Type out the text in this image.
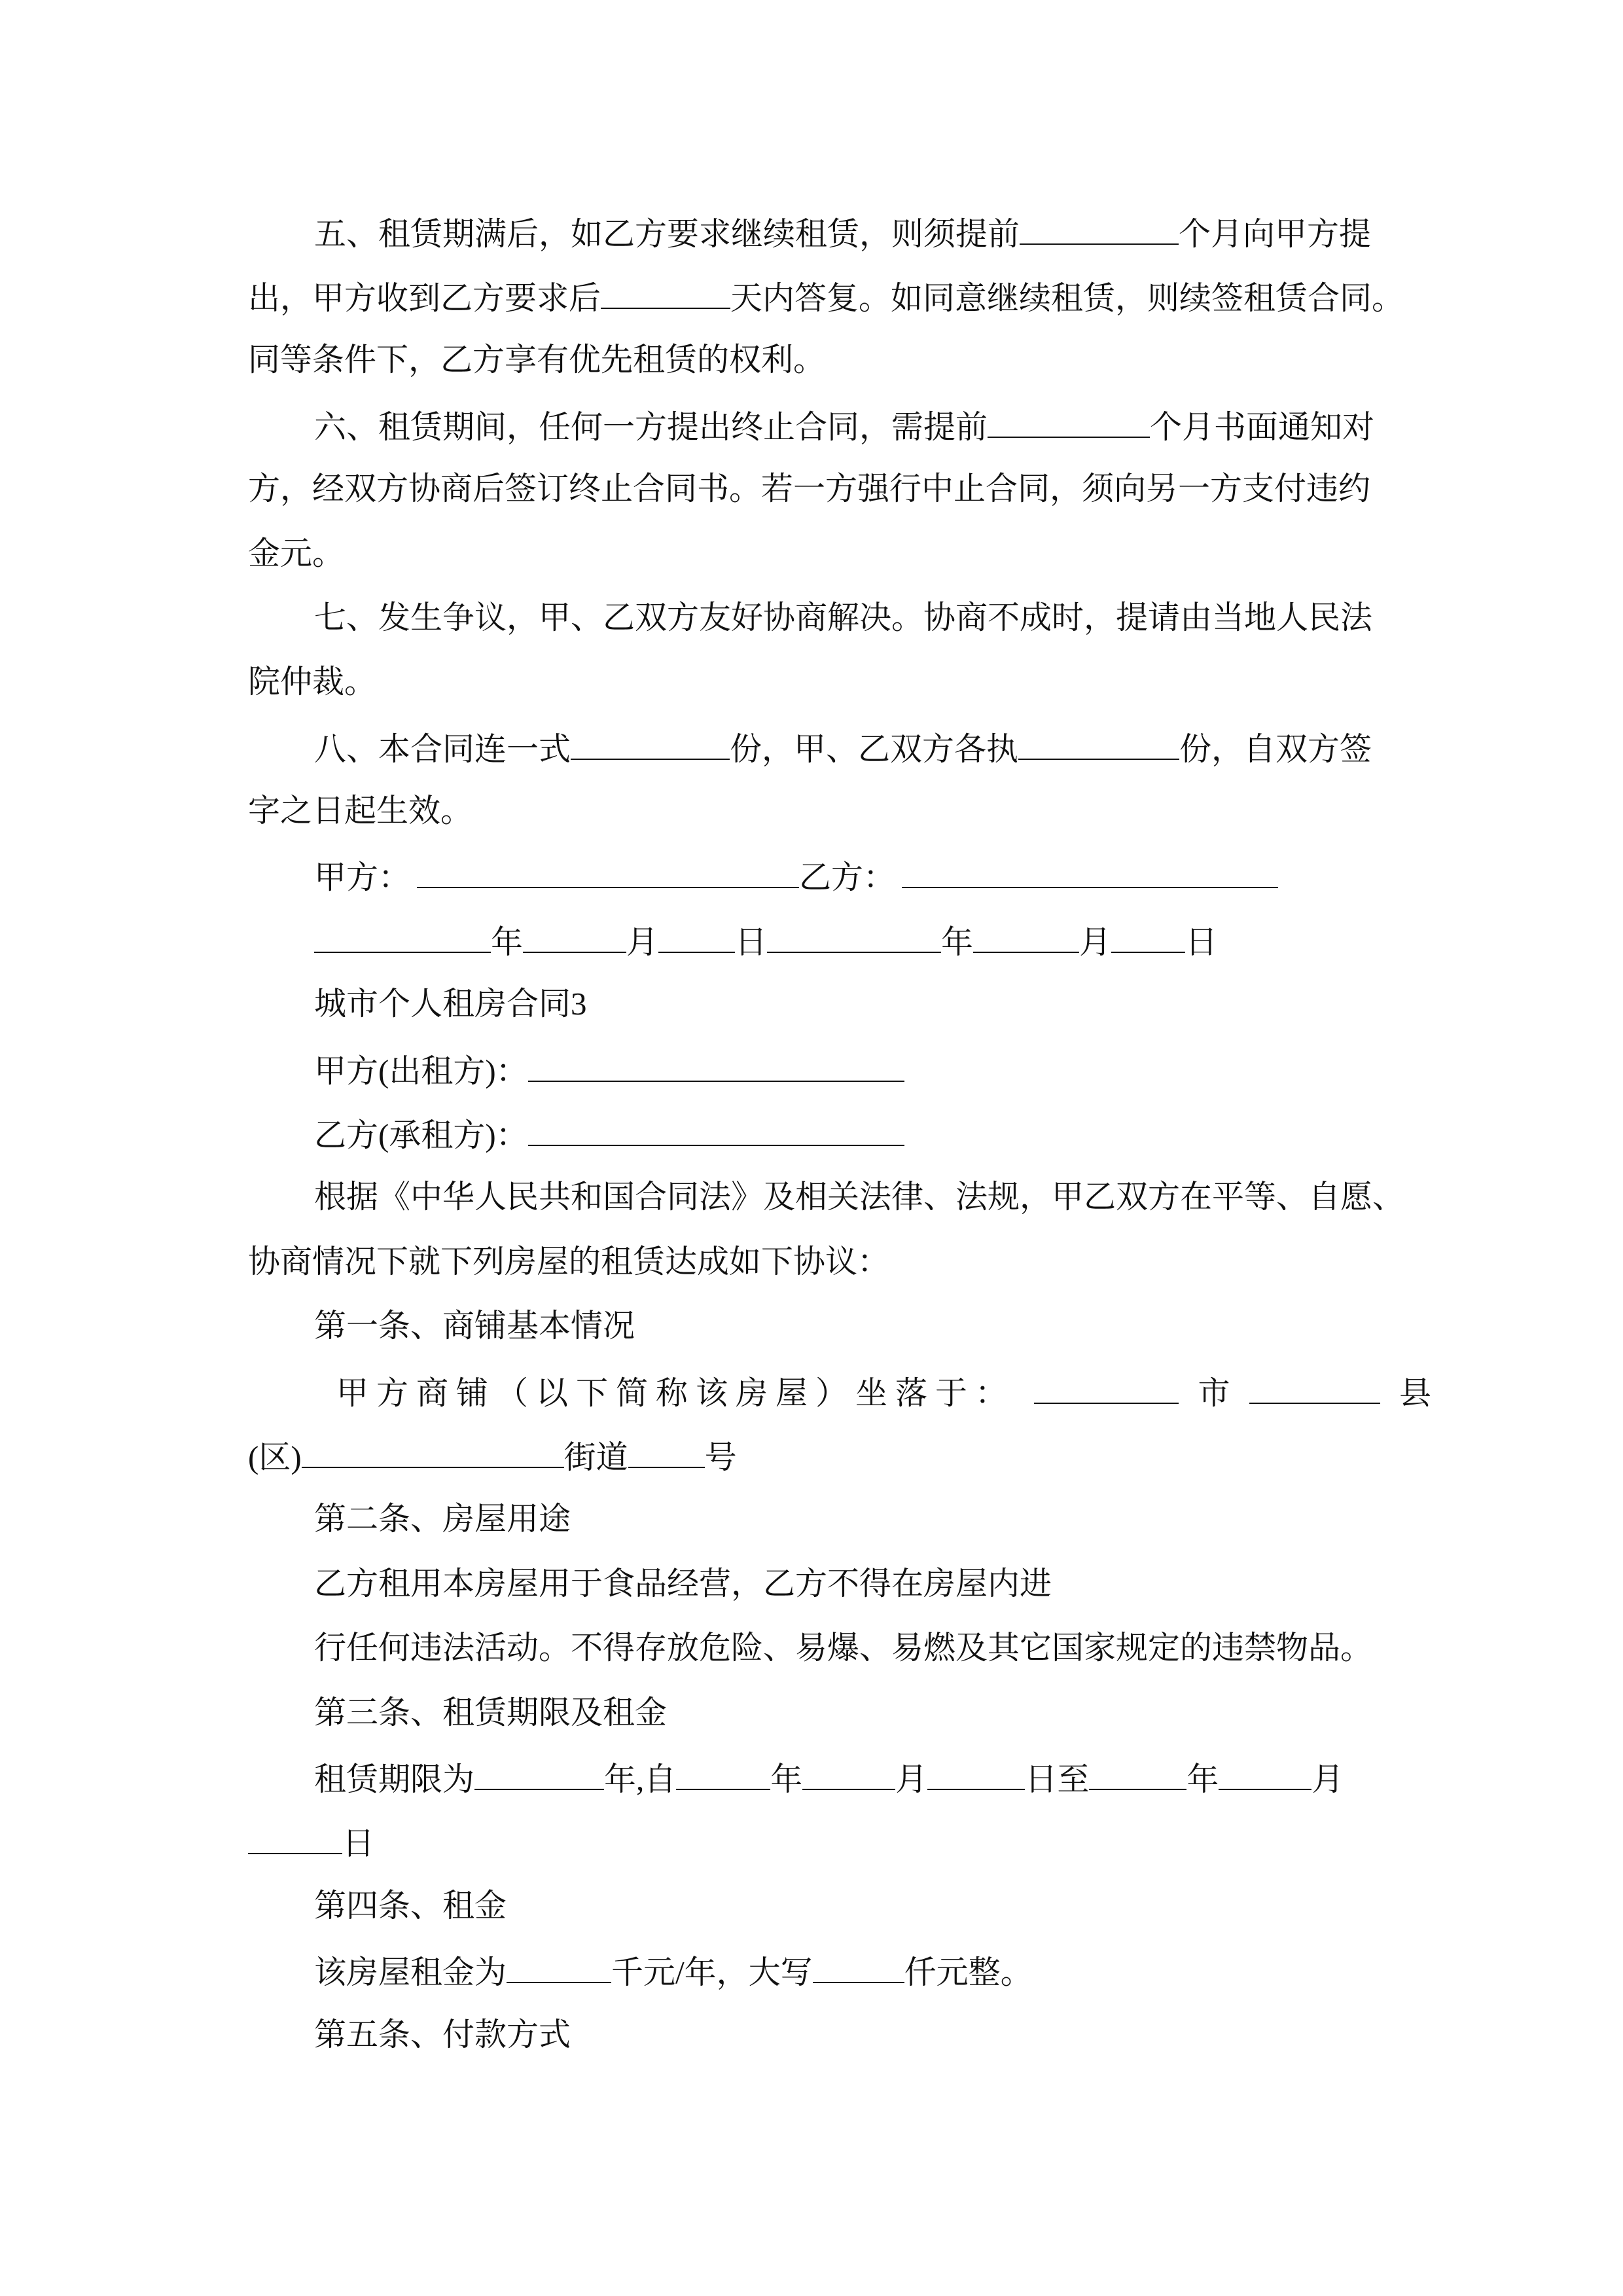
五、租赁期满后，如乙方要求继续租赁，则须提前	个月向甲方提
出，甲方收到乙方要求后	天内答复。如同意继续租赁，则续签租赁合同。
同等条件下，乙方享有优先租赁的权利。
六、租赁期间，任何一方提出终止合同，需提前	个月书面通知对
方，经双方协商后签订终止合同书。若一方强行中止合同，须向另一方支付违约
金元。
七、发生争议，甲、乙双方友好协商解决。协商不成时，提请由当地人民法
院仲裁。
八、本合同连一式	份，甲、乙双方各执	份，自双方签
字之日起生效。
甲方：	乙方：
年	月 日	年	月 日
城市个人租房合同3
甲方(出租方)：
乙方(承租方)：
根据《中华人民共和国合同法》及相关法律、法规，甲乙双方在平等、自愿、
协商情况下就下列房屋的租赁达成如下协议：
第一条、商铺基本情况
甲方商铺（以下简称该房屋）坐落于：	市	县
(区)	街道 号
第二条、房屋用途
乙方租用本房屋用于食品经营，乙方不得在房屋内进
行任何违法活动。不得存放危险、易爆、易燃及其它国家规定的违禁物品。
第三条、租赁期限及租金
租赁期限为	年,自	年	月	日至	年	月
日
第四条、租金
该房屋租金为	千元/年，大写	仟元整。
第五条、付款方式
